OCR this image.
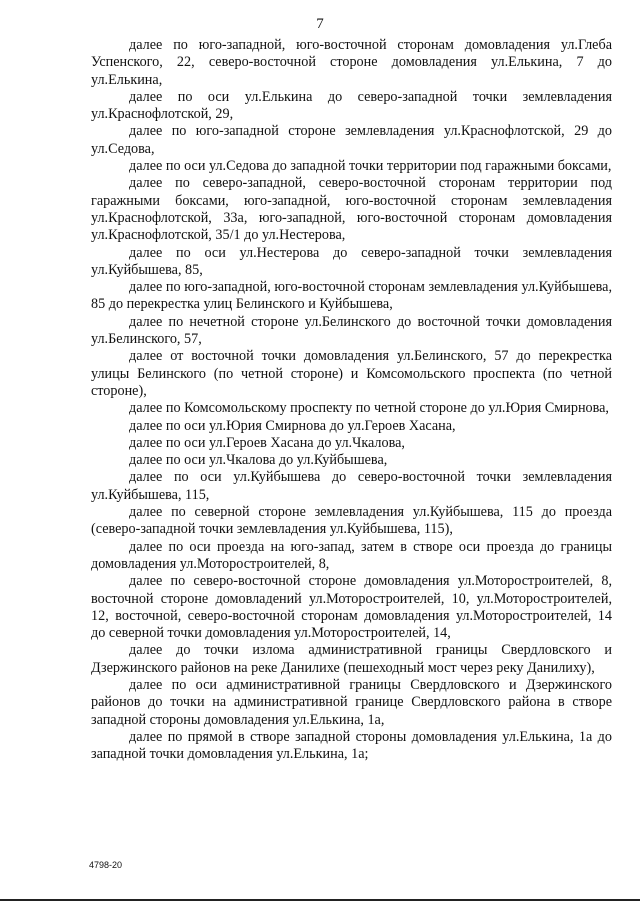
7

далее по юго-западной, юго-восточной сторонам домовладения ул.Глеба Успенского, 22, северо-восточной стороне домовладения ул.Елькина, 7 до ул.Елькина,

далее по оси ул.Елькина до северо-западной точки землевладения ул.Краснофлотской, 29,

далее по юго-западной стороне землевладения ул.Краснофлотской, 29 до ул.Седова,

далее по оси ул.Седова до западной точки территории под гаражными боксами,

далее по северо-западной, северо-восточной сторонам территории под гаражными боксами, юго-западной, юго-восточной сторонам землевладения ул.Краснофлотской, 33а, юго-западной, юго-восточной сторонам домовладения ул.Краснофлотской, 35/1 до ул.Нестерова,

далее по оси ул.Нестерова до северо-западной точки землевладения ул.Куйбышева, 85,

далее по юго-западной, юго-восточной сторонам землевладения ул.Куйбышева, 85 до перекрестка улиц Белинского и Куйбышева,

далее по нечетной стороне ул.Белинского до восточной точки домовладения ул.Белинского, 57,

далее от восточной точки домовладения ул.Белинского, 57 до перекрестка улицы Белинского (по четной стороне) и Комсомольского проспекта (по четной стороне),

далее по Комсомольскому проспекту по четной стороне до ул.Юрия Смирнова,

далее по оси ул.Юрия Смирнова до ул.Героев Хасана,

далее по оси ул.Героев Хасана до ул.Чкалова,

далее по оси ул.Чкалова до ул.Куйбышева,

далее по оси ул.Куйбышева до северо-восточной точки землевладения ул.Куйбышева, 115,

далее по северной стороне землевладения ул.Куйбышева, 115 до проезда (северо-западной точки землевладения ул.Куйбышева, 115),

далее по оси проезда на юго-запад, затем в створе оси проезда до границы домовладения ул.Моторостроителей, 8,

далее по северо-восточной стороне домовладения ул.Моторостроителей, 8, восточной стороне домовладений ул.Моторостроителей, 10, ул.Моторостроителей, 12, восточной, северо-восточной сторонам домовладения ул.Моторостроителей, 14 до северной точки домовладения ул.Моторостроителей, 14,

далее до точки излома административной границы Свердловского и Дзержинского районов на реке Данилихе (пешеходный мост через реку Данилиху),

далее по оси административной границы Свердловского и Дзержинского районов до точки на административной границе Свердловского района в створе западной стороны домовладения ул.Елькина, 1а,

далее по прямой в створе западной стороны домовладения ул.Елькина, 1а до западной точки домовладения ул.Елькина, 1а;

4798-20
